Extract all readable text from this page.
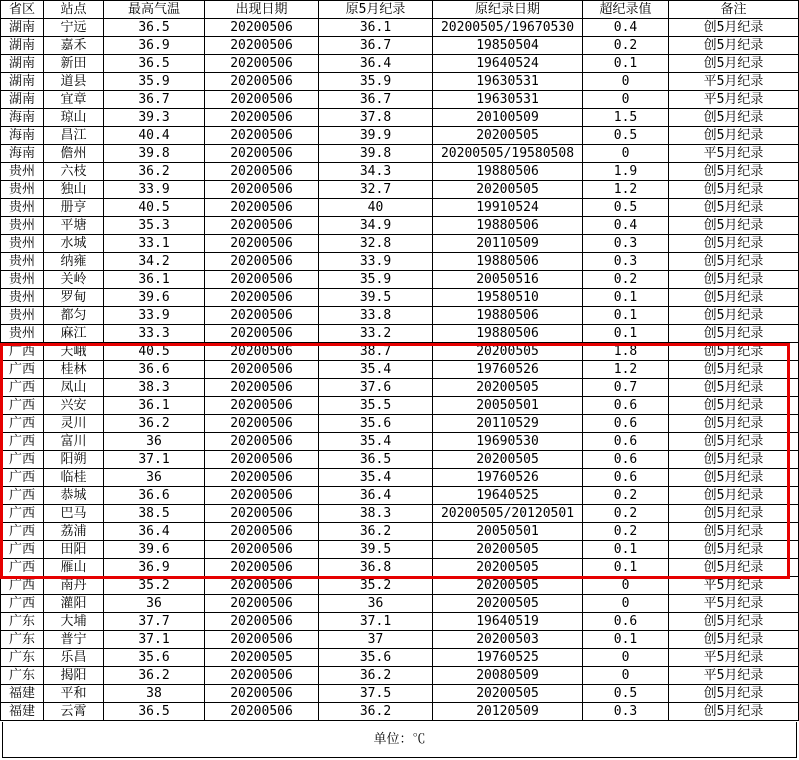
省区	站点	最高气温	出现日期	原5月纪录	原纪录日期	超纪录值	备注
湖南	宁远	36.5	20200506	36.1	20200505/19670530	0.4	创5月纪录
湖南	嘉禾	36.9	20200506	36.7	19850504	0.2	创5月纪录
湖南	新田	36.5	20200506	36.4	19640524	0.1	创5月纪录
湖南	道县	35.9	20200506	35.9	19630531	0	平5月纪录
湖南	宜章	36.7	20200506	36.7	19630531	0	平5月纪录
海南	琼山	39.3	20200506	37.8	20100509	1.5	创5月纪录
海南	昌江	40.4	20200506	39.9	20200505	0.5	创5月纪录
海南	儋州	39.8	20200506	39.8	20200505/19580508	0	平5月纪录
贵州	六枝	36.2	20200506	34.3	19880506	1.9	创5月纪录
贵州	独山	33.9	20200506	32.7	20200505	1.2	创5月纪录
贵州	册亨	40.5	20200506	40	19910524	0.5	创5月纪录
贵州	平塘	35.3	20200506	34.9	19880506	0.4	创5月纪录
贵州	水城	33.1	20200506	32.8	20110509	0.3	创5月纪录
贵州	纳雍	34.2	20200506	33.9	19880506	0.3	创5月纪录
贵州	关岭	36.1	20200506	35.9	20050516	0.2	创5月纪录
贵州	罗甸	39.6	20200506	39.5	19580510	0.1	创5月纪录
贵州	都匀	33.9	20200506	33.8	19880506	0.1	创5月纪录
贵州	麻江	33.3	20200506	33.2	19880506	0.1	创5月纪录
广西	天峨	40.5	20200506	38.7	20200505	1.8	创5月纪录
广西	桂林	36.6	20200506	35.4	19760526	1.2	创5月纪录
广西	凤山	38.3	20200506	37.6	20200505	0.7	创5月纪录
广西	兴安	36.1	20200506	35.5	20050501	0.6	创5月纪录
广西	灵川	36.2	20200506	35.6	20110529	0.6	创5月纪录
广西	富川	36	20200506	35.4	19690530	0.6	创5月纪录
广西	阳朔	37.1	20200506	36.5	20200505	0.6	创5月纪录
广西	临桂	36	20200506	35.4	19760526	0.6	创5月纪录
广西	恭城	36.6	20200506	36.4	19640525	0.2	创5月纪录
广西	巴马	38.5	20200506	38.3	20200505/20120501	0.2	创5月纪录
广西	荔浦	36.4	20200506	36.2	20050501	0.2	创5月纪录
广西	田阳	39.6	20200506	39.5	20200505	0.1	创5月纪录
广西	雁山	36.9	20200506	36.8	20200505	0.1	创5月纪录
广西	南丹	35.2	20200506	35.2	20200505	0	平5月纪录
广西	灌阳	36	20200506	36	20200505	0	平5月纪录
广东	大埔	37.7	20200506	37.1	19640519	0.6	创5月纪录
广东	普宁	37.1	20200506	37	20200503	0.1	创5月纪录
广东	乐昌	35.6	20200505	35.6	19760525	0	平5月纪录
广东	揭阳	36.2	20200506	36.2	20080509	0	平5月纪录
福建	平和	38	20200506	37.5	20200505	0.5	创5月纪录
福建	云霄	36.5	20200506	36.2	20120509	0.3	创5月纪录
单位：℃
